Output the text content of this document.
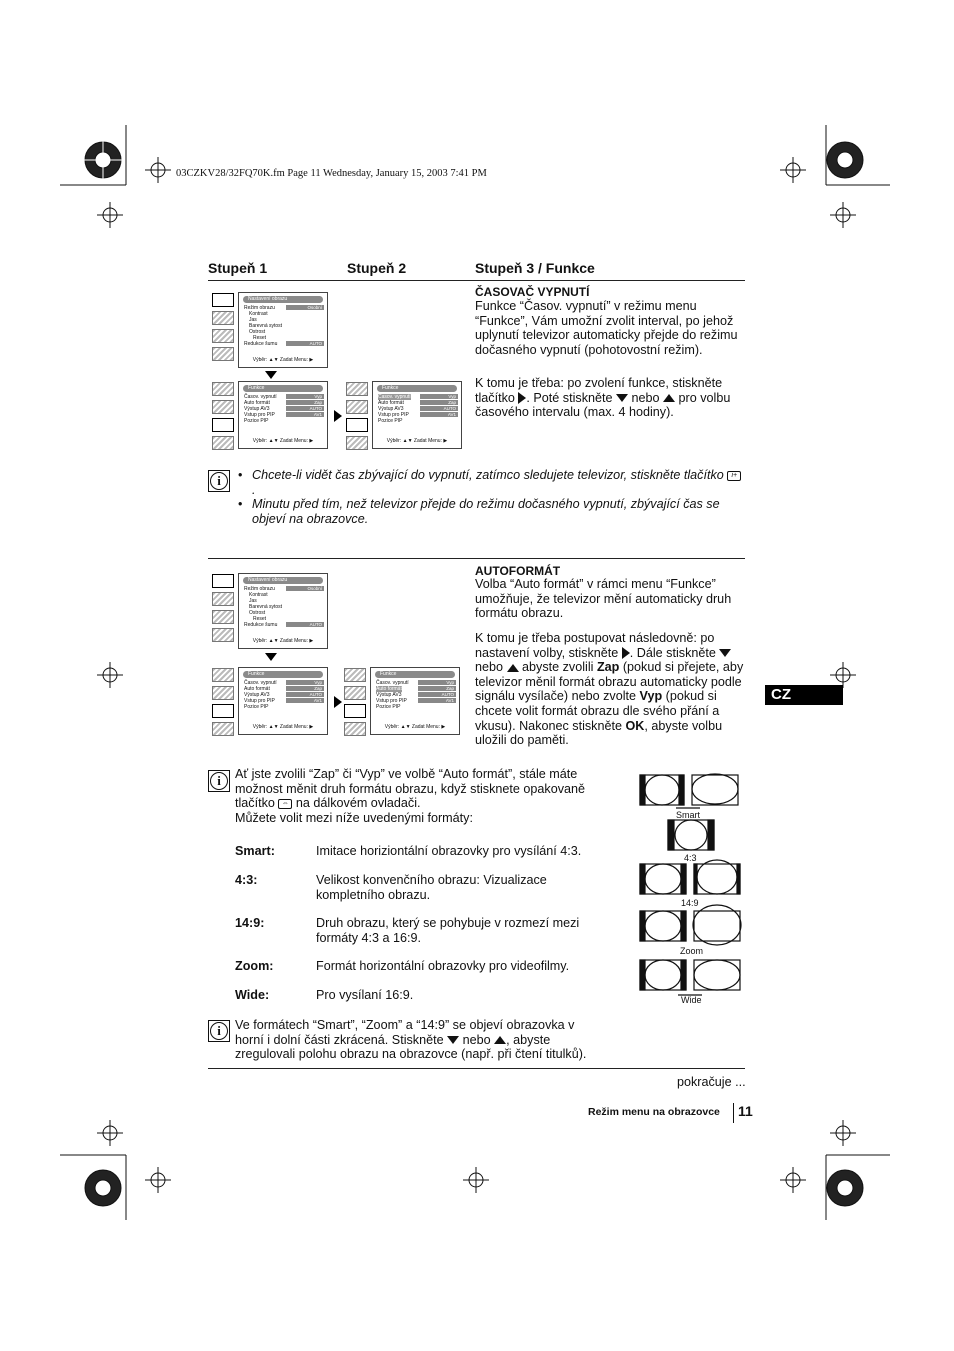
03CZKV28/32FQ70K.fm Page 11 Wednesday, January 15, 2003 7:41 PM
Stupeň 1	Stupeň 2	Stupeň 3 / Funkce
Nastavení obrazu
Režim obrazu	Osobní
Kontrast
Jas
Barevná sytost
Ostrost
Reset
Redukce šumu	AUTO
Výběr: ▲▼ Zadat Menu: ▶
Funkce
Časov. vypnutí	Vyp
Auto formát	Zap
Výstup AV3	AUTO
Vstup pro PIP	AV1
Pozice PIP
Výběr: ▲▼ Zadat Menu: ▶
Funkce
Časov. vypnutí	Vyp
Auto formát	Zap
Výstup AV3	AUTO
Vstup pro PIP	AV1
Pozice PIP
Výběr: ▲▼ Zadat Menu: ▶
ČASOVAČ VYPNUTÍ
Funkce “Časov. vypnutí” v režimu menu “Funkce”, Vám umožní zvolit interval, po jehož uplynutí televizor automaticky přejde do režimu dočasného vypnutí (pohotovostní režim).
K tomu je třeba: po zvolení funkce, stiskněte tlačítko . Poté stiskněte nebo pro volbu časového intervalu (max. 4 hodiny).
i
•	Chcete-li vidět čas zbývající do vypnutí, zatímco sledujete televizor, stiskněte tlačítko i+.
• Minutu před tím, než televizor přejde do režimu dočasného vypnutí, zbývající čas se objeví na obrazovce.
Nastavení obrazu
Režim obrazu	Osobní
Kontrast
Jas
Barevná sytost
Ostrost
Reset
Redukce šumu	AUTO
Výběr: ▲▼ Zadat Menu: ▶
Funkce
Časov. vypnutí	Vyp
Auto formát	Zap
Výstup AV3	AUTO
Vstup pro PIP	AV1
Pozice PIP
Výběr: ▲▼ Zadat Menu: ▶
Funkce
Časov. vypnutí	Vyp
Auto formát	Zap
Výstup AV3	AUTO
Vstup pro PIP	AV1
Pozice PIP
Výběr: ▲▼ Zadat Menu: ▶
AUTOFORMÁT
Volba “Auto formát” v rámci menu “Funkce” umožňuje, že televizor mění automaticky druh formátu obrazu.
K tomu je třeba postupovat následovně: po nastavení volby, stiskněte . Dále stiskněte  nebo abyste zvolili Zap (pokud si přejete, aby televizor měnil formát obrazu automaticky podle signálu vysílače) nebo zvolte Vyp (pokud si chcete volit formát obrazu dle svého přání a vkusu). Nakonec stiskněte OK, abyste volbu uložili do paměti.
CZ
i	Ať jste zvolili “Zap” či “Vyp” ve volbě “Auto formát”, stále máte možnost měnit druh formátu obrazu, když stisknete opakovaně tlačítko ⇔ na dálkovém ovladači.
Můžete volit mezi níže uvedenými formáty:
Smart:	Imitace horiziontální obrazovky pro vysílání 4:3.
4:3:	Velikost konvenčního obrazu: Vizualizace kompletního obrazu.
14:9:	Druh obrazu, který se pohybuje v rozmezí mezi formáty 4:3 a 16:9.
Zoom:	Formát horizontální obrazovky pro videofilmy.
Wide:	Pro vysílaní 16:9.
Smart
4:3
14:9
Zoom
Wide
i	Ve formátech “Smart”, “Zoom” a “14:9” se objeví obrazovka v horní i dolní části zkrácená. Stiskněte nebo , abyste zregulovali polohu obrazu na obrazovce (např. při čtení titulků).
pokračuje ...
Režim menu na obrazovce 11
